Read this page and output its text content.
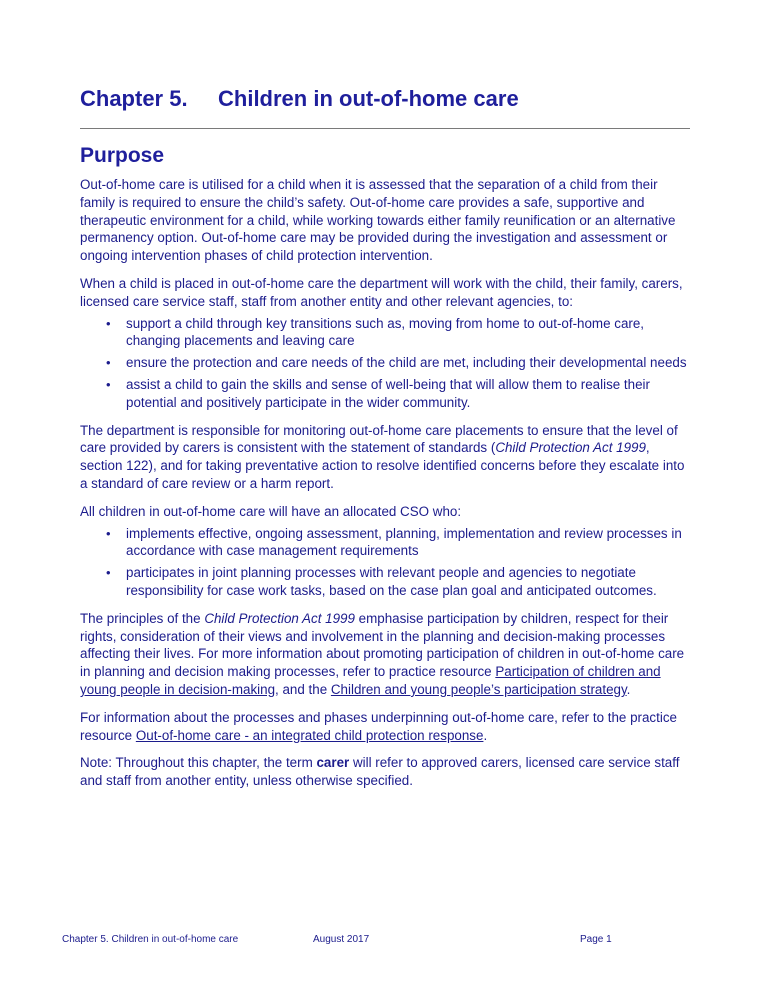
Chapter 5. Children in out-of-home care
Purpose

Out-of-home care is utilised for a child when it is assessed that the separation of a child from their family is required to ensure the child’s safety. Out-of-home care provides a safe, supportive and therapeutic environment for a child, while working towards either family reunification or an alternative permanency option. Out-of-home care may be provided during the investigation and assessment or ongoing intervention phases of child protection intervention.

When a child is placed in out-of-home care the department will work with the child, their family, carers, licensed care service staff, staff from another entity and other relevant agencies, to:

• support a child through key transitions such as, moving from home to out-of-home care, changing placements and leaving care
• ensure the protection and care needs of the child are met, including their developmental needs
• assist a child to gain the skills and sense of well-being that will allow them to realise their potential and positively participate in the wider community.

The department is responsible for monitoring out-of-home care placements to ensure that the level of care provided by carers is consistent with the statement of standards (Child Protection Act 1999, section 122), and for taking preventative action to resolve identified concerns before they escalate into a standard of care review or a harm report.

All children in out-of-home care will have an allocated CSO who:

• implements effective, ongoing assessment, planning, implementation and review processes in accordance with case management requirements
• participates in joint planning processes with relevant people and agencies to negotiate responsibility for case work tasks, based on the case plan goal and anticipated outcomes.

The principles of the Child Protection Act 1999 emphasise participation by children, respect for their rights, consideration of their views and involvement in the planning and decision-making processes affecting their lives. For more information about promoting participation of children in out-of-home care in planning and decision making processes, refer to practice resource Participation of children and young people in decision-making, and the Children and young people’s participation strategy.

For information about the processes and phases underpinning out-of-home care, refer to the practice resource Out-of-home care - an integrated child protection response.

Note: Throughout this chapter, the term carer will refer to approved carers, licensed care service staff and staff from another entity, unless otherwise specified.

Chapter 5. Children in out-of-home care	August 2017	Page 1
